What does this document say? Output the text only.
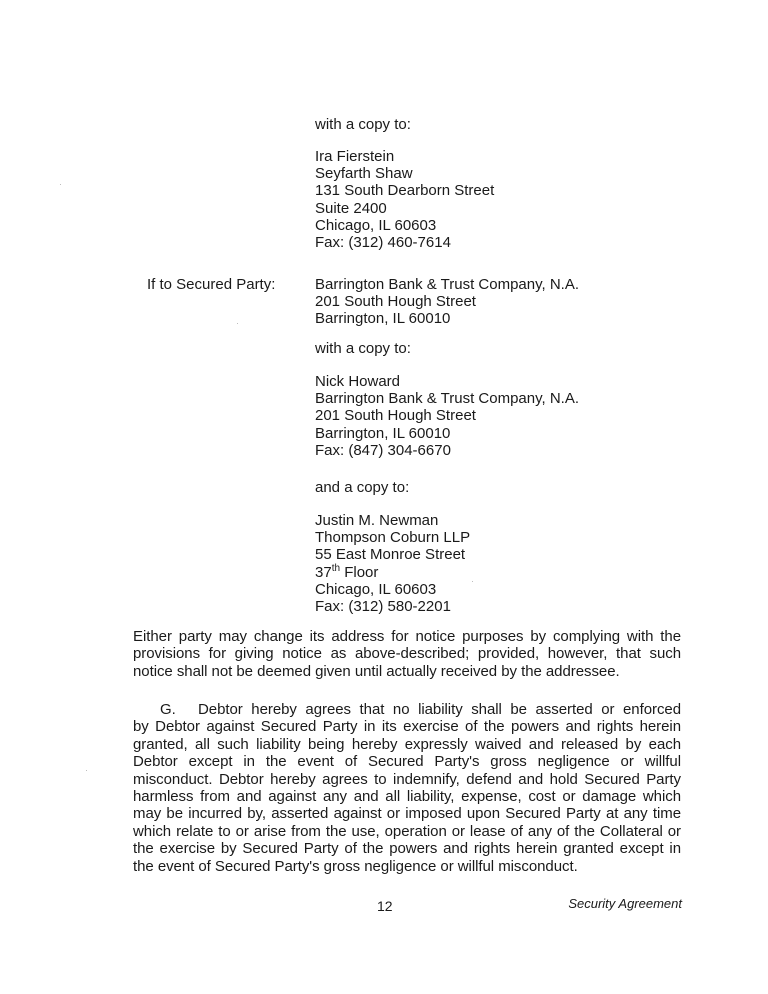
with a copy to:
Ira Fierstein
Seyfarth Shaw
131 South Dearborn Street
Suite 2400
Chicago, IL 60603
Fax: (312) 460-7614
If to Secured Party:	Barrington Bank & Trust Company, N.A.
201 South Hough Street
Barrington, IL 60010
with a copy to:
Nick Howard
Barrington Bank & Trust Company, N.A.
201 South Hough Street
Barrington, IL 60010
Fax: (847) 304-6670
and a copy to:
Justin M. Newman
Thompson Coburn LLP
55 East Monroe Street
37th Floor
Chicago, IL 60603
Fax: (312) 580-2201
Either party may change its address for notice purposes by complying with the
provisions for giving notice as above-described; provided, however, that such
notice shall not be deemed given until actually received by the addressee.
G. Debtor hereby agrees that no liability shall be asserted or enforced
by Debtor against Secured Party in its exercise of the powers and rights herein
granted, all such liability being hereby expressly waived and released by each
Debtor except in the event of Secured Party's gross negligence or willful
misconduct. Debtor hereby agrees to indemnify, defend and hold Secured Party
harmless from and against any and all liability, expense, cost or damage which
may be incurred by, asserted against or imposed upon Secured Party at any time
which relate to or arise from the use, operation or lease of any of the Collateral or
the exercise by Secured Party of the powers and rights herein granted except in
the event of Secured Party's gross negligence or willful misconduct.
12	Security Agreement
